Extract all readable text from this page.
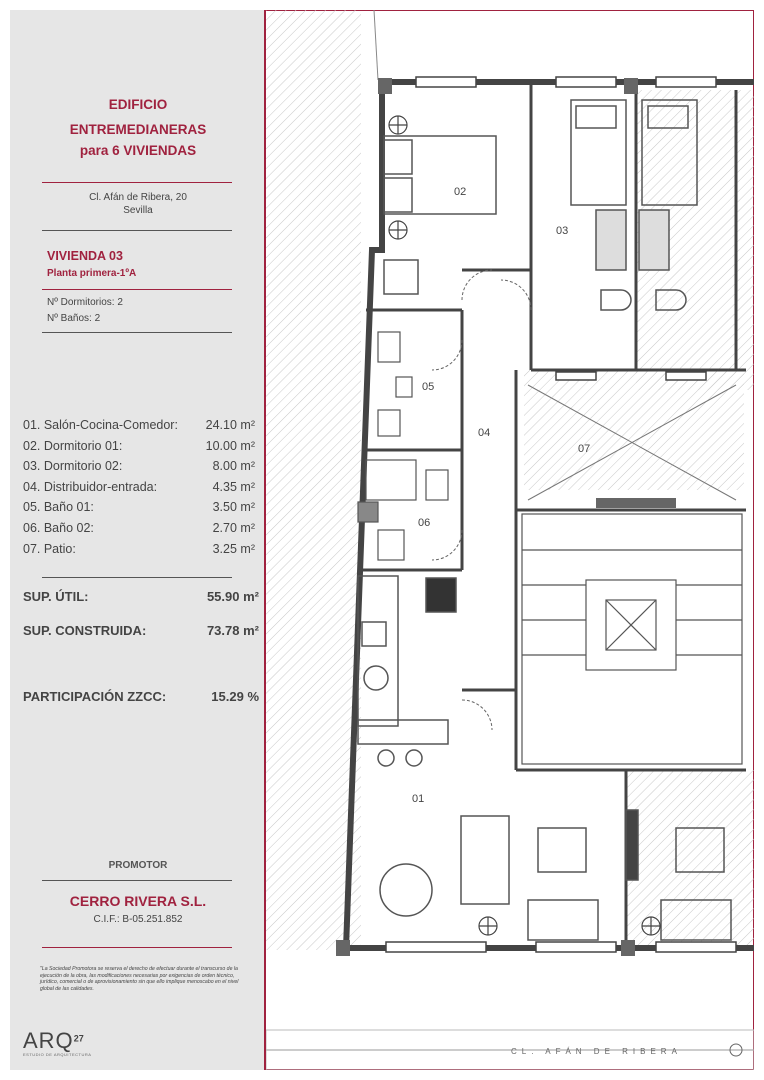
EDIFICIO
ENTREMEDIANERAS
para 6 VIVIENDAS
Cl. Afán de Ribera, 20
Sevilla
VIVIENDA 03
Planta primera-1ºA
Nº Dormitorios: 2
Nº Baños: 2
01. Salón-Cocina-Comedor: 24.10 m²
02. Dormitorio 01:	10.00 m²
03. Dormitorio 02:	8.00 m²
04. Distribuidor-entrada:	4.35 m²
05. Baño 01:	3.50 m²
06. Baño 02:	2.70 m²
07. Patio:	3.25 m²
SUP. ÚTIL:	55.90 m²
SUP. CONSTRUIDA:	73.78 m²
PARTICIPACIÓN ZZCC:	15.29 %
PROMOTOR
CERRO RIVERA S.L.
C.I.F.: B-05.251.852
"La Sociedad Promotora se reserva el derecho de efectuar durante el transcurso de la ejecución de la obra, las modificaciones necesarias por exigencias de orden técnico, jurídico, comercial o de aprovisionamiento sin que ello implique menoscabo en el nivel global de las calidades.
ARQ$^{27}$
ESTUDIO DE ARQUITECTURA
02
03
04
05
06
07
01
CL. AFÁN DE RIBERA
